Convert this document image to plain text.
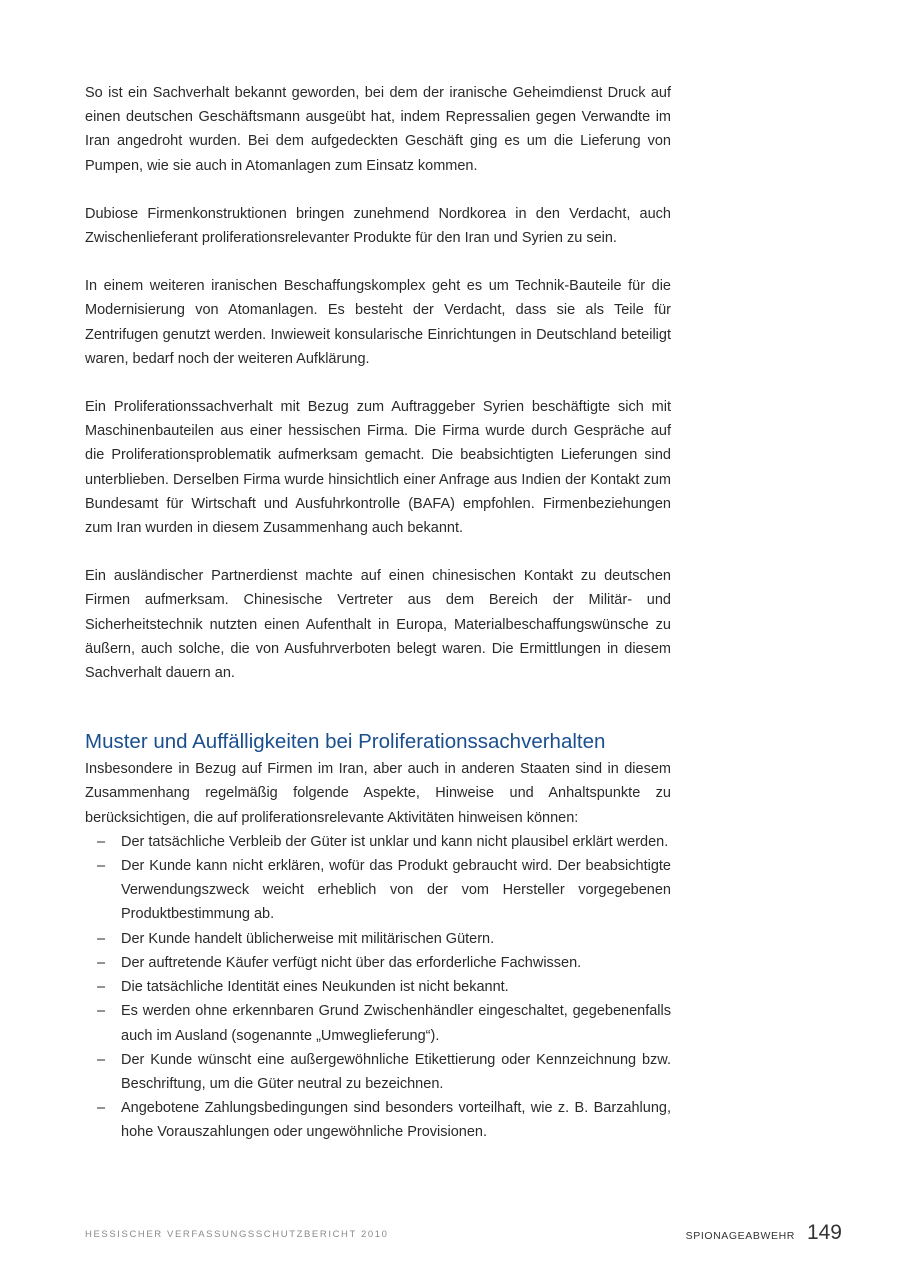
So ist ein Sachverhalt bekannt geworden, bei dem der iranische Geheimdienst Druck auf einen deutschen Geschäftsmann ausgeübt hat, indem Repressalien gegen Verwandte im Iran angedroht wurden. Bei dem aufgedeckten Geschäft ging es um die Lieferung von Pumpen, wie sie auch in Atomanlagen zum Einsatz kommen.

Dubiose Firmenkonstruktionen bringen zunehmend Nordkorea in den Verdacht, auch Zwischenlieferant proliferationsrelevanter Produkte für den Iran und Syrien zu sein.

In einem weiteren iranischen Beschaffungskomplex geht es um Technik-Bauteile für die Modernisierung von Atomanlagen. Es besteht der Verdacht, dass sie als Teile für Zentrifugen genutzt werden. Inwieweit konsularische Einrichtungen in Deutschland beteiligt waren, bedarf noch der weiteren Aufklärung.

Ein Proliferationssachverhalt mit Bezug zum Auftraggeber Syrien beschäftigte sich mit Maschinenbauteilen aus einer hessischen Firma. Die Firma wurde durch Gespräche auf die Proliferationsproblematik aufmerksam gemacht. Die beabsichtigten Lieferungen sind unterblieben. Derselben Firma wurde hinsichtlich einer Anfrage aus Indien der Kontakt zum Bundesamt für Wirtschaft und Ausfuhrkontrolle (BAFA) empfohlen. Firmenbeziehungen zum Iran wurden in diesem Zusammenhang auch bekannt.

Ein ausländischer Partnerdienst machte auf einen chinesischen Kontakt zu deutschen Firmen aufmerksam. Chinesische Vertreter aus dem Bereich der Militär- und Sicherheitstechnik nutzten einen Aufenthalt in Europa, Materialbeschaffungswünsche zu äußern, auch solche, die von Ausfuhrverboten belegt waren. Die Ermittlungen in diesem Sachverhalt dauern an.

Muster und Auffälligkeiten bei Proliferationssachverhalten

Insbesondere in Bezug auf Firmen im Iran, aber auch in anderen Staaten sind in diesem Zusammenhang regelmäßig folgende Aspekte, Hinweise und Anhaltspunkte zu berücksichtigen, die auf proliferationsrelevante Aktivitäten hinweisen können:

– Der tatsächliche Verbleib der Güter ist unklar und kann nicht plausibel erklärt werden.
– Der Kunde kann nicht erklären, wofür das Produkt gebraucht wird. Der beabsichtigte Verwendungszweck weicht erheblich von der vom Hersteller vorgegebenen Produktbestimmung ab.
– Der Kunde handelt üblicherweise mit militärischen Gütern.
– Der auftretende Käufer verfügt nicht über das erforderliche Fachwissen.
– Die tatsächliche Identität eines Neukunden ist nicht bekannt.
– Es werden ohne erkennbaren Grund Zwischenhändler eingeschaltet, gegebenenfalls auch im Ausland (sogenannte „Umweglieferung“).
– Der Kunde wünscht eine außergewöhnliche Etikettierung oder Kennzeichnung bzw. Beschriftung, um die Güter neutral zu bezeichnen.
– Angebotene Zahlungsbedingungen sind besonders vorteilhaft, wie z. B. Barzahlung, hohe Vorauszahlungen oder ungewöhnliche Provisionen.
HESSISCHER VERFASSUNGSSCHUTZBERICHT 2010	SPIONAGEABWEHR 149
